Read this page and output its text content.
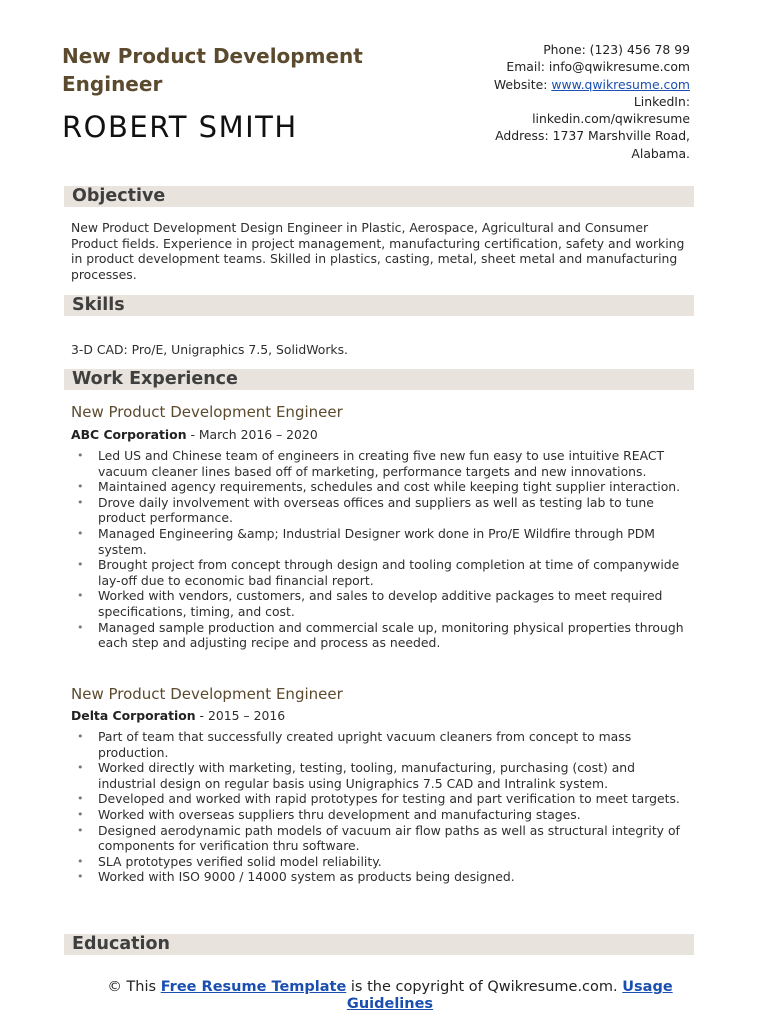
New Product Development Engineer
ROBERT SMITH
Phone: (123) 456 78 99
Email: info@qwikresume.com
Website: www.qwikresume.com
LinkedIn:
linkedin.com/qwikresume
Address: 1737 Marshville Road,
Alabama.
Objective
New Product Development Design Engineer in Plastic, Aerospace, Agricultural and Consumer Product fields. Experience in project management, manufacturing certification, safety and working in product development teams. Skilled in plastics, casting, metal, sheet metal and manufacturing processes.
Skills
3-D CAD: Pro/E, Unigraphics 7.5, SolidWorks.
Work Experience
New Product Development Engineer
ABC Corporation - March 2016 – 2020
• Led US and Chinese team of engineers in creating five new fun easy to use intuitive REACT vacuum cleaner lines based off of marketing, performance targets and new innovations.
• Maintained agency requirements, schedules and cost while keeping tight supplier interaction.
• Drove daily involvement with overseas offices and suppliers as well as testing lab to tune product performance.
• Managed Engineering &amp; Industrial Designer work done in Pro/E Wildfire through PDM system.
• Brought project from concept through design and tooling completion at time of companywide lay-off due to economic bad financial report.
• Worked with vendors, customers, and sales to develop additive packages to meet required specifications, timing, and cost.
• Managed sample production and commercial scale up, monitoring physical properties through each step and adjusting recipe and process as needed.
New Product Development Engineer
Delta Corporation - 2015 – 2016
• Part of team that successfully created upright vacuum cleaners from concept to mass production.
• Worked directly with marketing, testing, tooling, manufacturing, purchasing (cost) and industrial design on regular basis using Unigraphics 7.5 CAD and Intralink system.
• Developed and worked with rapid prototypes for testing and part verification to meet targets.
• Worked with overseas suppliers thru development and manufacturing stages.
• Designed aerodynamic path models of vacuum air flow paths as well as structural integrity of components for verification thru software.
• SLA prototypes verified solid model reliability.
• Worked with ISO 9000 / 14000 system as products being designed.
Education
© This Free Resume Template is the copyright of Qwikresume.com. Usage Guidelines
